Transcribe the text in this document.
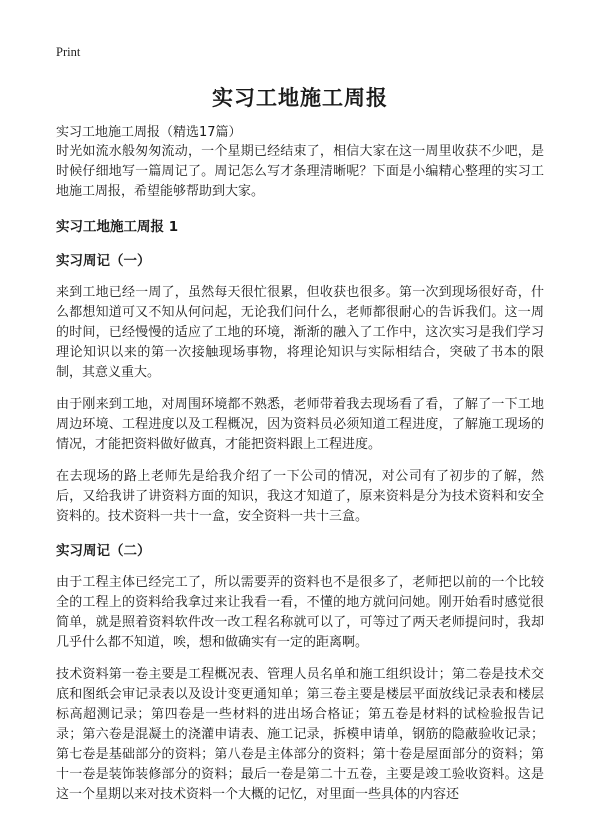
Print
实习工地施工周报
实习工地施工周报（精选17篇）

时光如流水般匆匆流动，一个星期已经结束了，相信大家在这一周里收获不少吧，是时候仔细地写一篇周记了。周记怎么写才条理清晰呢？下面是小编精心整理的实习工地施工周报，希望能够帮助到大家。

实习工地施工周报 1
实习周记（一）

来到工地已经一周了，虽然每天很忙很累，但收获也很多。第一次到现场很好奇，什么都想知道可又不知从何问起，无论我们问什么，老师都很耐心的告诉我们。这一周的时间，已经慢慢的适应了工地的环境，渐渐的融入了工作中，这次实习是我们学习理论知识以来的第一次接触现场事物，将理论知识与实际相结合，突破了书本的限制，其意义重大。

由于刚来到工地，对周围环境都不熟悉，老师带着我去现场看了看，了解了一下工地周边环境、工程进度以及工程概况，因为资料员必须知道工程进度，了解施工现场的情况，才能把资料做好做真，才能把资料跟上工程进度。

在去现场的路上老师先是给我介绍了一下公司的情况，对公司有了初步的了解，然后，又给我讲了讲资料方面的知识，我这才知道了，原来资料是分为技术资料和安全资料的。技术资料一共十一盒，安全资料一共十三盒。

实习周记（二）

由于工程主体已经完工了，所以需要弄的资料也不是很多了，老师把以前的一个比较全的工程上的资料给我拿过来让我看一看，不懂的地方就问问她。刚开始看时感觉很简单，就是照着资料软件改一改工程名称就可以了，可等过了两天老师提问时，我却几乎什么都不知道，唉，想和做确实有一定的距离啊。

技术资料第一卷主要是工程概况表、管理人员名单和施工组织设计；第二卷是技术交底和图纸会审记录表以及设计变更通知单；第三卷主要是楼层平面放线记录表和楼层标高超测记录；第四卷是一些材料的进出场合格证；第五卷是材料的试检验报告记录；第六卷是混凝土的浇灌申请表、施工记录，拆模申请单，钢筋的隐蔽验收记录；第七卷是基础部分的资料；第八卷是主体部分的资料；第十卷是屋面部分的资料；第十一卷是装饰装修部分的资料；最后一卷是第二十五卷，主要是竣工验收资料。这是这一个星期以来对技术资料一个大概的记忆，对里面一些具体的内容还
